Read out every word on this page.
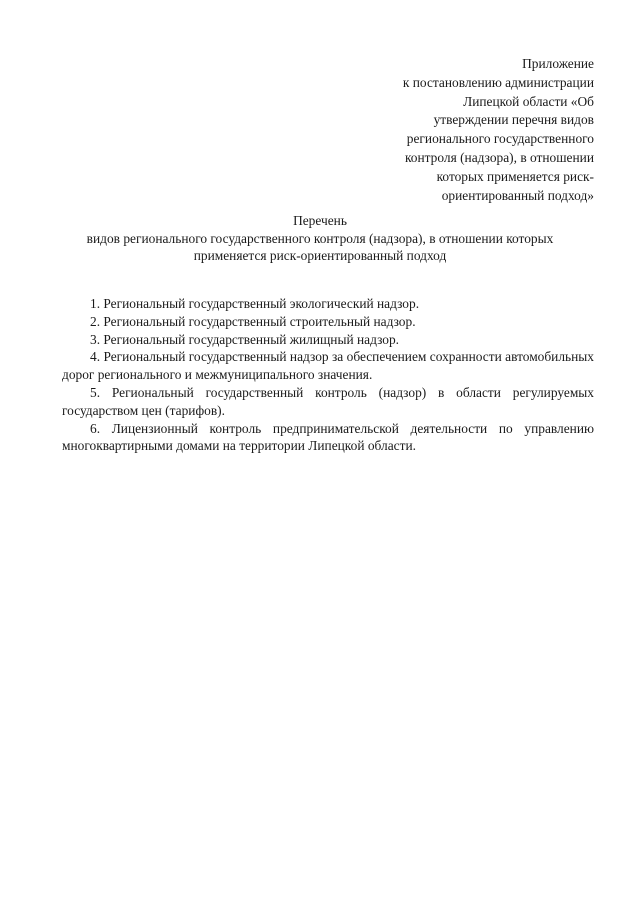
Приложение
к постановлению администрации
Липецкой области «Об
утверждении перечня видов
регионального государственного
контроля (надзора), в отношении
которых применяется риск-
ориентированный подход»
Перечень
видов регионального государственного контроля (надзора), в отношении которых
применяется риск-ориентированный подход

1. Региональный государственный экологический надзор.

2. Региональный государственный строительный надзор.

3. Региональный государственный жилищный надзор.

4. Региональный государственный надзор за обеспечением сохранности автомобильных дорог регионального и межмуниципального значения.

5. Региональный государственный контроль (надзор) в области регулируемых государством цен (тарифов).

6. Лицензионный контроль предпринимательской деятельности по управлению многоквартирными домами на территории Липецкой области.
